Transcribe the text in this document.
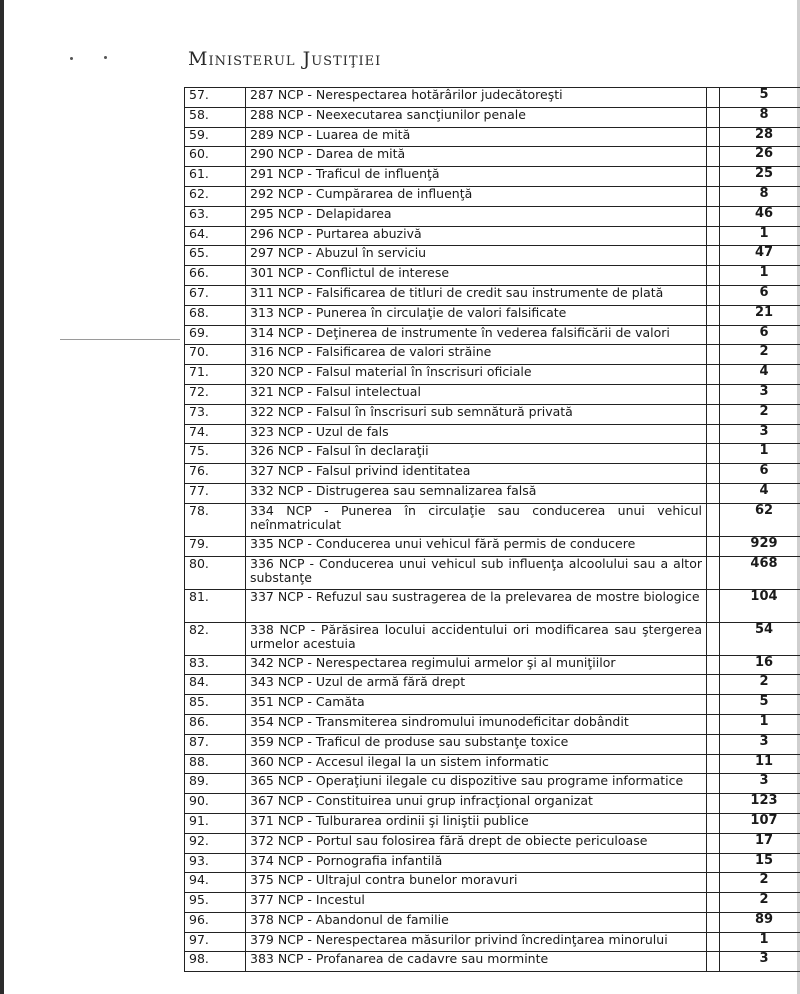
Ministerul Justiţiei
57.	287 NCP - Nerespectarea hotărârilor judecătoreşti		5
58.	288 NCP - Neexecutarea sancţiunilor penale		8
59.	289 NCP - Luarea de mită		28
60.	290 NCP - Darea de mită		26
61.	291 NCP - Traficul de influenţă		25
62.	292 NCP - Cumpărarea de influenţă		8
63.	295 NCP - Delapidarea		46
64.	296 NCP - Purtarea abuzivă		1
65.	297 NCP - Abuzul în serviciu		47
66.	301 NCP - Conflictul de interese		1
67.	311 NCP - Falsificarea de titluri de credit sau instrumente de plată		6
68.	313 NCP - Punerea în circulaţie de valori falsificate		21
69.	314 NCP - Deţinerea de instrumente în vederea falsificării de valori		6
70.	316 NCP - Falsificarea de valori străine		2
71.	320 NCP - Falsul material în înscrisuri oficiale		4
72.	321 NCP - Falsul intelectual		3
73.	322 NCP - Falsul în înscrisuri sub semnătură privată		2
74.	323 NCP - Uzul de fals		3
75.	326 NCP - Falsul în declaraţii		1
76.	327 NCP - Falsul privind identitatea		6
77.	332 NCP - Distrugerea sau semnalizarea falsă		4
78.	334 NCP - Punerea în circulaţie sau conducerea unui vehicul neînmatriculat		62
79.	335 NCP - Conducerea unui vehicul fără permis de conducere		929
80.	336 NCP - Conducerea unui vehicul sub influenţa alcoolului sau a altor substanţe		468
81.	337 NCP - Refuzul sau sustragerea de la prelevarea de mostre biologice		104
82.	338 NCP - Părăsirea locului accidentului ori modificarea sau ştergerea urmelor acestuia		54
83.	342 NCP - Nerespectarea regimului armelor şi al muniţiilor		16
84.	343 NCP - Uzul de armă fără drept		2
85.	351 NCP - Camăta		5
86.	354 NCP - Transmiterea sindromului imunodeficitar dobândit		1
87.	359 NCP - Traficul de produse sau substanţe toxice		3
88.	360 NCP - Accesul ilegal la un sistem informatic		11
89.	365 NCP - Operaţiuni ilegale cu dispozitive sau programe informatice		3
90.	367 NCP - Constituirea unui grup infracţional organizat		123
91.	371 NCP - Tulburarea ordinii şi liniştii publice		107
92.	372 NCP - Portul sau folosirea fără drept de obiecte periculoase		17
93.	374 NCP - Pornografia infantilă		15
94.	375 NCP - Ultrajul contra bunelor moravuri		2
95.	377 NCP - Incestul		2
96.	378 NCP - Abandonul de familie		89
97.	379 NCP - Nerespectarea măsurilor privind încredinţarea minorului		1
98.	383 NCP - Profanarea de cadavre sau morminte		3
